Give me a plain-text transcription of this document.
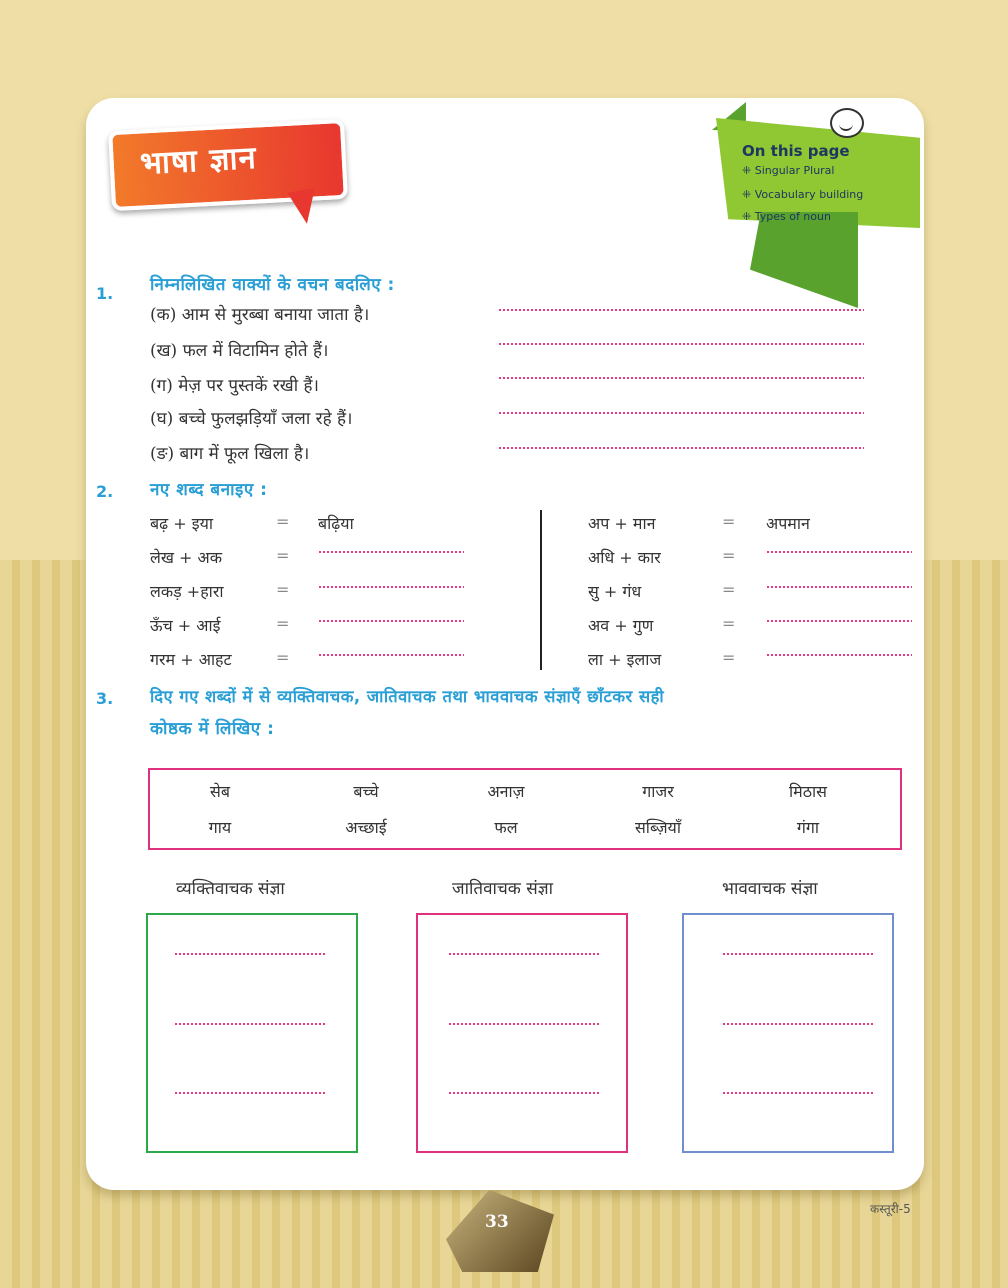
भाषा ज्ञान	On this page
⁜ Singular Plural
⁜ Vocabulary building
⁜ Types of noun
1. निम्नलिखित वाक्यों के वचन बदलिए :
(क) आम से मुरब्बा बनाया जाता है।
(ख) फल में विटामिन होते हैं।
(ग) मेज़ पर पुस्तकें रखी हैं।
(घ) बच्चे फुलझड़ियाँ जला रहे हैं।
(ङ) बाग में फूल खिला है।
2. नए शब्द बनाइए :
बढ़ + इया	= बढ़िया
लेख + अक	=
लकड़ +हारा	=
ऊँच + आई	=
गरम + आहट	=
अप + मान	= अपमान
अधि + कार	=
सु + गंध	=
अव + गुण	=
ला + इलाज	=
3. दिए गए शब्दों में से व्यक्तिवाचक, जातिवाचक तथा भाववाचक संज्ञाएँ छाँटकर सही
कोष्ठक में लिखिए :
सेब	बच्चे	अनाज़	गाजर	मिठास
गाय	अच्छाई	फल	सब्ज़ियाँ	गंगा
व्यक्तिवाचक संज्ञा	जातिवाचक संज्ञा	भाववाचक संज्ञा
33
कस्तूरी-5
